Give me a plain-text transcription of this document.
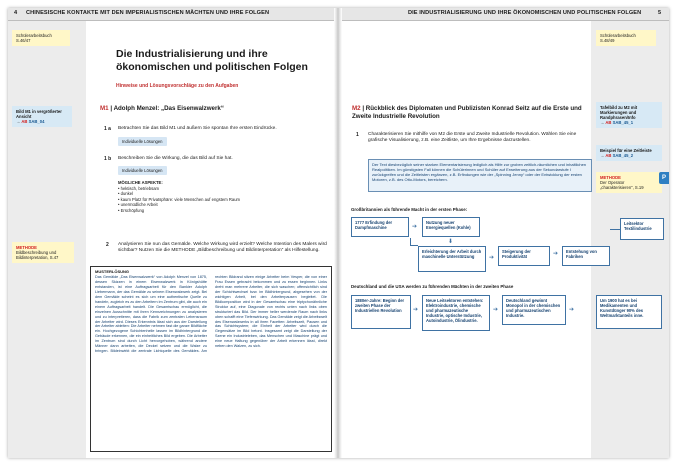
4 CHINESISCHE KONTAKTE MIT DEN IMPERIALISTISCHEN MÄCHTEN UND IHRE FOLGEN	DIE INDUSTRIALISIERUNG UND IHRE ÖKONOMISCHEN UND POLITISCHEN FOLGEN	5
Schülerarbeitsbuch
S.46/47
Bild M1 in vergrößerter
Ansicht
→ AB SAB_04
METHODE
Bildbeschreibung und
Bildinterpretation, S.47
Die Industrialisierung und ihre ökonomischen und politischen Folgen
Hinweise und Lösungsvorschläge zu den Aufgaben
M1 | Adolph Menzel: „Das Eisenwalzwerk“
1 a Betrachten Sie das Bild M1 und äußern Sie spontan Ihre ersten Eindrücke.
Individuelle Lösungen
1 b Beschreiben Sie die Wirkung, die das Bild auf Sie hat.
Individuelle Lösungen
MÖGLICHE ASPEKTE:
• hektisch, betriebsam
• dunkel
• kaum Platz für Privatsphäre: viele Menschen auf engstem Raum
• unermüdliche Arbeit
• Erschöpfung
2 Analysieren Sie nun das Gemälde. Welche Wirkung wird erzielt? Welche Intention des Malers wird sichtbar? Nutzen Sie die METHODE „Bildbeschreibung und Bildinterpretation“ als Hilfestellung.
MUSTERLÖSUNG
Das Gemälde „Das Eisenwalzwerk“ von Adolph Menzel von 1875, dessen Skizzen in einem Eisenwalzwerk in Königshütte entstanden, ist eine Auftragsarbeit für den Bankier Adolph Liebermann, der das Gemälde zu seinem Eisenwalzwerk zeigt. Bei dem Gemälde scheint es sich um eine authentische Quelle zu handeln, zugleich es zu den Arbeitern im Zentrum gibt, die auch ein einem Auftragsarbeit handelt. Die Gesamtschau ermöglicht, die einzelnen Ausschnitte mit ihren Kennzeichnungen zu analysieren und zu interpretieren, dass die Fabrik zum zentralen Lebensraum der Arbeiter wird. Dieses Erkenntnis lässt sich aus der Darstellung der Arbeiter ableiten: Die Arbeiter nehmen fast die ganze Bildfläche ein. Hochgezogene Schichtenhelle lassen im Bildhintergrund die Gebäude erkennen, die ein einheitliches Bild ergeben. Die Arbeiter im Zentrum sind durch Licht hervorgehoben, während andere Männer dann arbeiten, die Deckel setzen und die Walze zu bringen. Bildeinwirkt die zentrale Lichtquelle des Gemäldes. Am rechten Bildrand sitzen einige Arbeiter beim Vesper, die von einer Frau Essen gebracht bekommen und zu essen beginnen. Links dreht man mehrere Arbeiter, die sich waschen; offensichtlich sind der Schichtwechsel bzw. im Bildhintergrund, abgesehen von der wichtigen Arbeit, bei den Arbeiterpausen begleitet. Die Bildkomposition wird in der Gesamtschau eine triptychonähnliche Struktur auf, eine Diagonale von rechts unten nach links oben strukturiert das Bild. Der immer heller werdende Raum nach links oben schafft eine Tiefenwirkung. Das Gemälde zeigt die Arbeitswelt des Eisenwalzwerks in all ihren Facetten: Arbeitszeit, Pausen und das Schichtsystem; die Einheit der Arbeiter wird durch die Gegensätze im Bild betont. Insgesamt zeigt die Darstellung der Szene ein Industrieleben, das Menschen und Maschine prägt und eine neue Haltung gegenüber der Arbeit erkennen lässt, direkt neben den Walzen, zu sich.
Schülerarbeitsbuch
S.48/49
Tafelbild zu M2 mit
Markierungen und
Randphrasen/Info
→ AB SAB_45_1
Beispiel für eine Zeitleiste
→ AB SAB_45_2
METHODE
Der Operator
„charakterisieren“, S.19
P
M2 | Rückblick des Diplomaten und Publizisten Konrad Seitz auf die Erste und Zweite Industrielle Revolution
1 Charakterisieren Sie mithilfe von M2 die Erste und Zweite Industrielle Revolution. Wählen Sie eine grafische Visualisierung, z.B. eine Zeitliste, um Ihre Ergebnisse darzustellen.
Der Text diesbezüglich seiner starken Elementarisierung lediglich als Hilfe zur groben zeitlich-räumlichen und inhaltlichen Realpolitiken. Im günstigsten Fall können die Schülerinnen und Schüler auf Erweiterung aus der Sekundarstufe I zurückgreifen und die Zeitleisten ergänzen, z.B. Erfindungen wie der „Spinning Jenny“ oder der Entwicklung der ersten Motoren, z.B. des Otto-Motors, bereichern.
Großbritannien als führende Macht in der ersten Phase:
1777 Erfindung der Dampfmaschine	➔
Nutzung neuer Energiequellen (Kohle)
⬇
Erleichterung der Arbeit durch maschinelle Unterstützung	➔
Steigerung der Produktivität	➔	Entstehung von Fabriken
Leitsektor Textilindustrie
Deutschland und die USA werden zu führenden Mächten in der zweiten Phase
1880er-Jahre: Beginn der zweiten Phase der Industriellen Revolution	➔
Neue Leitsektoren entstehen: Elektroindustrie, chemische und pharmazeutische Industrie, optische Industrie, Autoindustrie, Ölindustrie.
➔
Deutschland gewinnt Monopol in der chemischen und pharmazeutischen Industrie.
➔
Um 1900 hat es bei Medikamenten und Kunstdünger 90% des Weltmarktanteils inne.
